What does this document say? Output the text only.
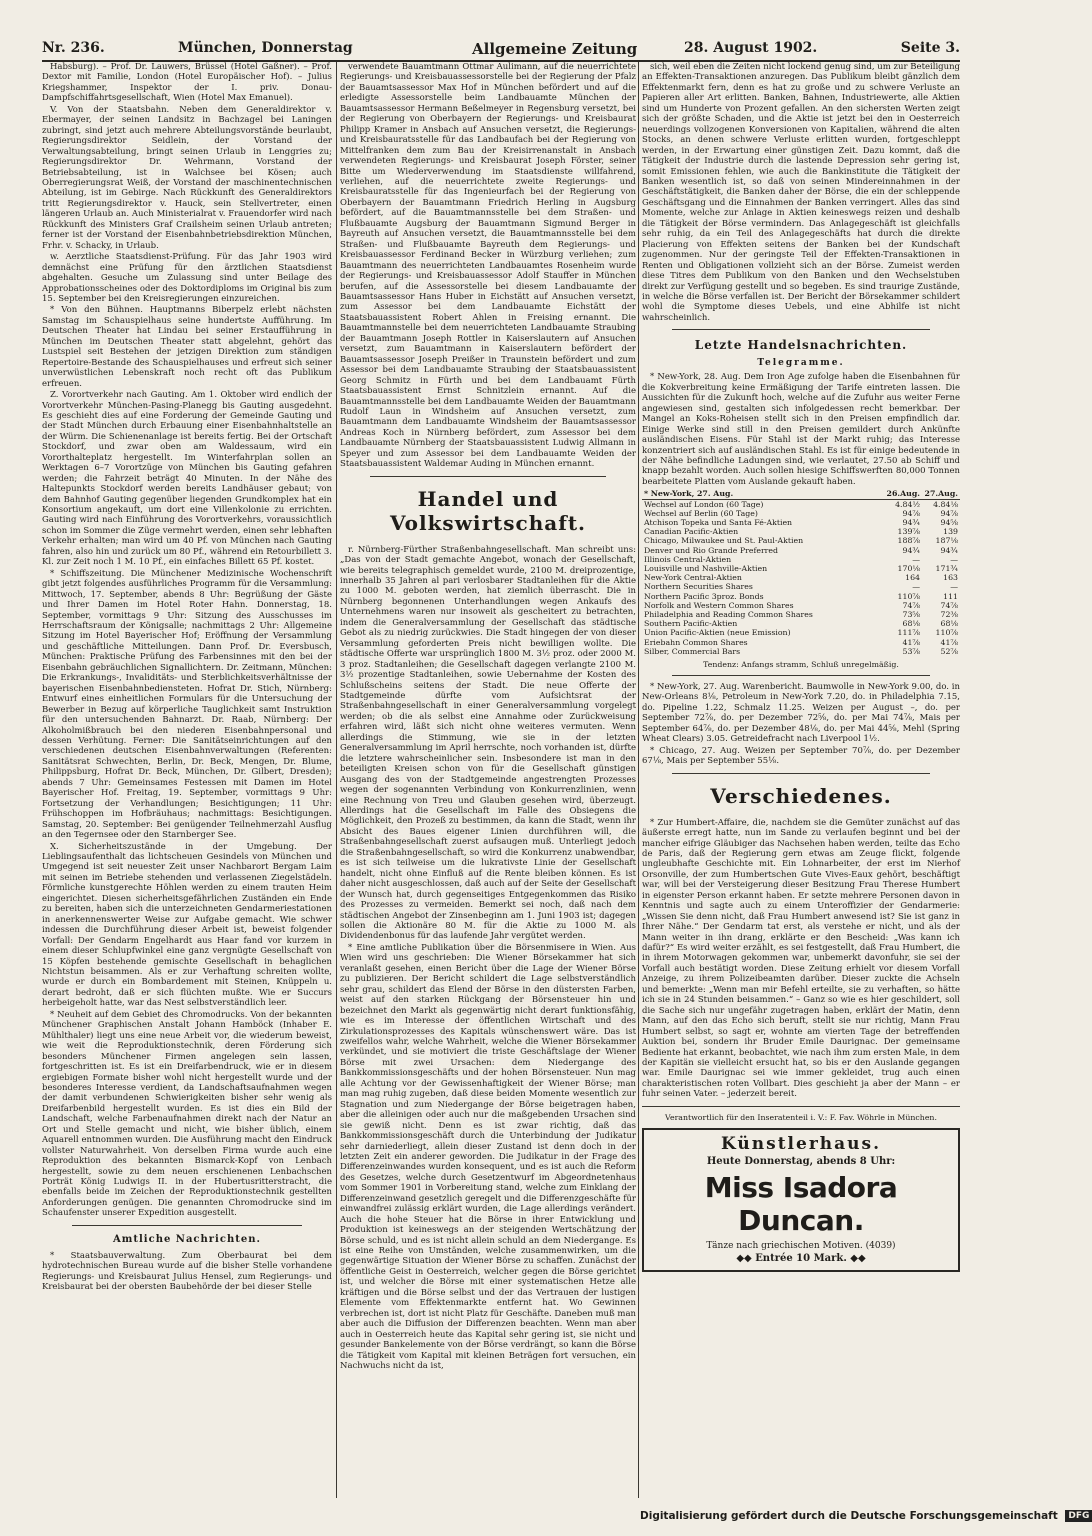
Nr. 236.	München, Donnerstag	Allgemeine Zeitung	28. August 1902.	Seite 3.

Habsburg). – Prof. Dr. Lauwers, Brüssel (Hotel Gaßner). – Prof. Dextor mit Familie, London (Hotel Europäischer Hof). – Julius Kriegshammer, Inspektor der I. priv. Donau-Dampfschiffahrtsgesellschaft, Wien (Hotel Max Emanuel).

V. Von der Staatsbahn. Neben dem Generaldirektor v. Ebermayer, der seinen Landsitz in Bachzagel bei Laningen zubringt, sind jetzt auch mehrere Abteilungsvorstände beurlaubt, Regierungsdirektor Seidlein, der Vorstand der Verwaltungsabteilung, bringt seinen Urlaub in Lenggries zu; Regierungsdirektor Dr. Wehrmann, Vorstand der Betriebsabteilung, ist in Walchsee bei Kösen; auch Oberregierungsrat Weiß, der Vorstand der maschinentechnischen Abteilung, ist im Gebirge. Nach Rückkunft des Generaldirektors tritt Regierungsdirektor v. Hauck, sein Stellvertreter, einen längeren Urlaub an. Auch Ministerialrat v. Frauendorfer wird nach Rückkunft des Ministers Graf Crailsheim seinen Urlaub antreten; ferner ist der Vorstand der Eisenbahnbetriebsdirektion München, Frhr. v. Schacky, in Urlaub.

w. Aerztliche Staatsdienst-Prüfung. Für das Jahr 1903 wird demnächst eine Prüfung für den ärztlichen Staatsdienst abgehalten. Gesuche um Zulassung sind unter Beilage des Approbationsscheines oder des Doktordiploms im Original bis zum 15. September bei den Kreisregierungen einzureichen.

* Von den Bühnen. Hauptmanns Biberpelz erlebt nächsten Samstag im Schauspielhaus seine hundertste Aufführung. Im Deutschen Theater hat Lindau bei seiner Erstaufführung in München im Deutschen Theater statt abgelehnt, gehört das Lustspiel seit Bestehen der jetzigen Direktion zum ständigen Repertoire-Bestande des Schauspielhauses und erfreut sich seiner unverwüstlichen Lebenskraft noch recht oft das Publikum erfreuen.

Z. Vorortverkehr nach Gauting. Am 1. Oktober wird endlich der Vorortverkehr München-Pasing-Planegg bis Gauting ausgedehnt. Es geschieht dies auf eine Forderung der Gemeinde Gauting und der Stadt München durch Erbauung einer Eisenbahnhaltstelle an der Würm. Die Schienenanlage ist bereits fertig. Bei der Ortschaft Stockdorf, und zwar oben am Waldessaum, wird ein Vororthalteplatz hergestellt. Im Winterfahrplan sollen an Werktagen 6–7 Vorortzüge von München bis Gauting gefahren werden; die Fahrzeit beträgt 40 Minuten. In der Nähe des Haltepunkts Stockdorf werden bereits Landhäuser gebaut; von dem Bahnhof Gauting gegenüber liegenden Grundkomplex hat ein Konsortium angekauft, um dort eine Villenkolonie zu errichten. Gauting wird nach Einführung des Vorortverkehrs, voraussichtlich schon im Sommer die Züge vermehrt werden, einen sehr lebhaften Verkehr erhalten; man wird um 40 Pf. von München nach Gauting fahren, also hin und zurück um 80 Pf., während ein Retourbillett 3. Kl. zur Zeit noch 1 M. 10 Pf., ein einfaches Billett 65 Pf. kostet.

* Schiffszeitung. Die Münchener Medizinische Wochenschrift gibt jetzt folgendes ausführliches Programm für die Versammlung: Mittwoch, 17. September, abends 8 Uhr: Begrüßung der Gäste und Ihrer Damen im Hotel Roter Hahn. Donnerstag, 18. September, vormittags 9 Uhr: Sitzung des Ausschusses im Herrschaftsraum der Königsalle; nachmittags 2 Uhr: Allgemeine Sitzung im Hotel Bayerischer Hof; Eröffnung der Versammlung und geschäftliche Mitteilungen. Dann Prof. Dr. Eversbusch, München: Praktische Prüfung des Farbensinnes mit den bei der Eisenbahn gebräuchlichen Signallichtern. Dr. Zeitmann, München: Die Erkrankungs-, Invaliditäts- und Sterblichkeitsverhältnisse der bayerischen Eisenbahnbediensteten. Hofrat Dr. Stich, Nürnberg: Entwurf eines einheitlichen Formulars für die Untersuchung der Bewerber in Bezug auf körperliche Tauglichkeit samt Instruktion für den untersuchenden Bahnarzt. Dr. Raab, Nürnberg: Der Alkoholmißbrauch bei den niederen Eisenbahnpersonal und dessen Verhütung. Ferner: Die Sanitätseinrichtungen auf den verschiedenen deutschen Eisenbahnverwaltungen (Referenten: Sanitätsrat Schwechten, Berlin, Dr. Beck, Mengen, Dr. Blume, Philippsburg, Hofrat Dr. Beck, München, Dr. Gilbert, Dresden); abends 7 Uhr: Gemeinsames Festessen mit Damen im Hotel Bayerischer Hof. Freitag, 19. September, vormittags 9 Uhr: Fortsetzung der Verhandlungen; Besichtigungen; 11 Uhr: Frühschoppen im Hofbräuhaus; nachmittags: Besichtigungen. Samstag, 20. September: Bei genügender Teilnehmerzahl Ausflug an den Tegernsee oder den Starnberger See.

X. Sicherheitszustände in der Umgebung. Der Lieblingsaufenthalt das lichtscheuen Gesindels von München und Umgegend ist seit neuester Zeit unser Nachbarort Bergam Laim mit seinen im Betriebe stehenden und verlassenen Ziegelstädeln. Förmliche kunstgerechte Höhlen werden zu einem trauten Heim eingerichtet. Diesen sicherheitsgefährlichen Zuständen ein Ende zu bereiten, haben sich die unterzeichneten Gendarmeriestationen in anerkennenswerter Weise zur Aufgabe gemacht. Wie schwer indessen die Durchführung dieser Arbeit ist, beweist folgender Vorfall: Der Gendarm Engelhardt aus Haar fand vor kurzem in einem dieser Schlupfwinkel eine ganz vergnügte Gesellschaft von 15 Köpfen bestehende gemischte Gesellschaft in behaglichen Nichtstun beisammen. Als er zur Verhaftung schreiten wollte, wurde er durch ein Bombardement mit Steinen, Knüppeln u. derart bedroht, daß er sich flüchten mußte. Wie er Succurs herbeigeholt hatte, war das Nest selbstverständlich leer.

* Neuheit auf dem Gebiet des Chromodrucks. Von der bekannten Münchener Graphischen Anstalt Johann Hamböck (Inhaber E. Mühlthaler) liegt uns eine neue Arbeit vor, die wiederum beweist, wie weit die Reproduktionstechnik, deren Förderung sich besonders Münchener Firmen angelegen sein lassen, fortgeschritten ist. Es ist ein Dreifarbendruck, wie er in diesem ergiebigen Formate bisher wohl nicht hergestellt wurde und der besonderes Interesse verdient, da Landschaftsaufnahmen wegen der damit verbundenen Schwierigkeiten bisher sehr wenig als Dreifarbenbild hergestellt wurden. Es ist dies ein Bild der Landschaft, welche Farbenaufnahmen direkt nach der Natur an Ort und Stelle gemacht und nicht, wie bisher üblich, einem Aquarell entnommen wurden. Die Ausführung macht den Eindruck vollster Naturwahrheit. Von derselben Firma wurde auch eine Reproduktion des bekannten Bismarck-Kopf von Lenbach hergestellt, sowie zu dem neuen erschienenen Lenbachschen Porträt König Ludwigs II. in der Hubertusritterstracht, die ebenfalls beide im Zeichen der Reproduktionstechnik gestellten Anforderungen genügen. Die genannten Chromodrucke sind im Schaufenster unserer Expedition ausgestellt.

Amtliche Nachrichten.

* Staatsbauverwaltung. Zum Oberbaurat bei dem hydrotechnischen Bureau wurde auf die bisher Stelle vorhandene Regierungs- und Kreisbaurat Julius Hensel, zum Regierungs- und Kreisbaurat bei der obersten Baubehörde der bei dieser Stelle

verwendete Bauamtmann Ottmar Aulimann, auf die neuerrichtete Regierungs- und Kreisbauassessorstelle bei der Regierung der Pfalz der Bauamtsassessor Max Hof in München befördert und auf die erledigte Assessorstelle beim Landbauamte München der Bauamtsassessor Hermann Beßelmeyer in Regensburg versetzt, bei der Regierung von Oberbayern der Regierungs- und Kreisbaurat Philipp Kramer in Ansbach auf Ansuchen versetzt, die Regierungs- und Kreisbauratsstelle für das Landbaufach bei der Regierung von Mittelfranken dem zum Bau der Kreisirrenanstalt in Ansbach verwendeten Regierungs- und Kreisbaurat Joseph Förster, seiner Bitte um Wiederverwendung im Staatsdienste willfahrend, verliehen, auf die neuerrichtete zweite Regierungs- und Kreisbauratsstelle für das Ingenieurfach bei der Regierung von Oberbayern der Bauamtmann Friedrich Herling in Augsburg befördert, auf die Bauamtmannsstelle bei dem Straßen- und Flußbauamte Augsburg der Bauamtmann Sigmund Berger in Bayreuth auf Ansuchen versetzt, die Bauamtmannsstelle bei dem Straßen- und Flußbauamte Bayreuth dem Regierungs- und Kreisbauassessor Ferdinand Becker in Würzburg verliehen; zum Bauamtmann des neuerrichteten Landbauamtes Rosenheim wurde der Regierungs- und Kreisbauassessor Adolf Stauffer in München berufen, auf die Assessorstelle bei diesem Landbauamte der Bauamtsassessor Hans Huber in Eichstätt auf Ansuchen versetzt, zum Assessor bei dem Landbauamte Eichstätt der Staatsbauassistent Robert Ahlen in Freising ernannt. Die Bauamtmannstelle bei dem neuerrichteten Landbauamte Straubing der Bauamtmann Joseph Rottler in Kaiserslautern auf Ansuchen versetzt, zum Bauamtmann in Kaiserslautern befördert der Bauamtsassessor Joseph Preißer in Traunstein befördert und zum Assessor bei dem Landbauamte Straubing der Staatsbauassistent Georg Schmitz in Fürth und bei dem Landbauamt Fürth Staatsbauassistent Ernst Schnitzlein ernannt. Auf die Bauamtmannsstelle bei dem Landbauamte Weiden der Bauamtmann Rudolf Laun in Windsheim auf Ansuchen versetzt, zum Bauamtmann dem Landbauamte Windsheim der Bauamtsassessor Andreas Koch in Nürnberg befördert, zum Assessor bei dem Landbauamte Nürnberg der Staatsbauassistent Ludwig Allmann in Speyer und zum Assessor bei dem Landbauamte Weiden der Staatsbauassistent Waldemar Auding in München ernannt.

Handel und Volkswirtschaft.

r. Nürnberg-Fürther Straßenbahngesellschaft. Man schreibt uns: „Das von der Stadt gemachte Angebot, wonach der Gesellschaft, wie bereits telegraphisch gemeldet wurde, 2100 M. dreiprozentige, innerhalb 35 Jahren al pari verlosbarer Stadtanleihen für die Aktie zu 1000 M. geboten werden, hat ziemlich überrascht. Die in Nürnberg begonnenen Unterhandlungen wegen Ankaufs des Unternehmens waren nur insoweit als gescheitert zu betrachten, indem die Generalversammlung der Gesellschaft das städtische Gebot als zu niedrig zurückwies. Die Stadt hingegen der von dieser Versammlung geforderten Preis nicht bewilligen wollte. Die städtische Offerte war ursprünglich 1800 M. 3½ proz. oder 2000 M. 3 proz. Stadtanleihen; die Gesellschaft dagegen verlangte 2100 M. 3½ prozentige Stadtanleihen, sowie Uebernahme der Kosten des Schlußscheins seitens der Stadt. Die neue Offerte der Stadtgemeinde dürfte vom Aufsichtsrat der Straßenbahngesellschaft in einer Generalversammlung vorgelegt werden; ob die als selbst eine Annahme oder Zurückweisung erfahren wird, läßt sich nicht ohne weiteres vermuten. Wenn allerdings die Stimmung, wie sie in der letzten Generalversammlung im April herrschte, noch vorhanden ist, dürfte die letztere wahrscheinlicher sein. Insbesondere ist man in den beteiligten Kreisen schon von für die Gesellschaft günstigen Ausgang des von der Stadtgemeinde angestrengten Prozesses wegen der sogenannten Verbindung von Konkurrenzlinien, wenn eine Rechnung von Treu und Glauben gesehen wird, überzeugt. Allerdings hat die Gesellschaft im Falle des Obsiegens die Möglichkeit, den Prozeß zu bestimmen, da kann die Stadt, wenn ihr Absicht des Baues eigener Linien durchführen will, die Straßenbahngesellschaft zuerst aufsaugen muß. Unterliegt jedoch die Straßenbahngesellschaft, so wird die Konkurrenz unabwendbar, es ist sich teilweise um die lukrativste Linie der Gesellschaft handelt, nicht ohne Einfluß auf die Rente bleiben können. Es ist daher nicht ausgeschlossen, daß auch auf der Seite der Gesellschaft der Wunsch hat, durch gegenseitiges Entgegenkommen das Risiko des Prozesses zu vermeiden. Bemerkt sei noch, daß nach dem städtischen Angebot der Zinsenbeginn am 1. Juni 1903 ist; dagegen sollen die Aktionäre 80 M. für die Aktie zu 1000 M. als Dividendenbonus für das laufende Jahr vergütet werden.

* Eine amtliche Publikation über die Börsenmisere in Wien. Aus Wien wird uns geschrieben: Die Wiener Börsekammer hat sich veranlaßt gesehen, einen Bericht über die Lage der Wiener Börse zu publizieren. Der Bericht schildert die Lage selbstverständlich sehr grau, schildert das Elend der Börse in den düstersten Farben, weist auf den starken Rückgang der Börsensteuer hin und bezeichnet den Markt als gegenwärtig nicht derart funktionsfähig, wie es im Interesse der öffentlichen Wirtschaft und des Zirkulationsprozesses des Kapitals wünschenswert wäre. Das ist zweifellos wahr, welche Wahrheit, welche die Wiener Börsekammer verkündet, und sie motiviert die triste Geschäftslage der Wiener Börse mit zwei Ursachen: dem Niedergange des Bankkommissionsgeschäfts und der hohen Börsensteuer. Nun mag alle Achtung vor der Gewissenhaftigkeit der Wiener Börse; man man mag ruhig zugeben, daß diese beiden Momente wesentlich zur Stagnation und zum Niedergange der Börse beigetragen haben, aber die alleinigen oder auch nur die maßgebenden Ursachen sind sie gewiß nicht. Denn es ist zwar richtig, daß das Bankkommissionsgeschäft durch die Unterbindung der Judikatur sehr darniederliegt, allein dieser Zustand ist denn doch in der letzten Zeit ein anderer geworden. Die Judikatur in der Frage des Differenzeinwandes wurden konsequent, und es ist auch die Reform des Gesetzes, welche durch Gesetzentwurf im Abgeordnetenhaus vom Sommer 1901 in Vorbereitung stand, welche zum Einklang der Differenzeinwand gesetzlich geregelt und die Differenzgeschäfte für einwandfrei zulässig erklärt wurden, die Lage allerdings verändert. Auch die hohe Steuer hat die Börse in ihrer Entwicklung und Produktion ist keineswegs an der steigenden Wertschätzung der Börse schuld, und es ist nicht allein schuld an dem Niedergange. Es ist eine Reihe von Umständen, welche zusammenwirken, um die gegenwärtige Situation der Wiener Börse zu schaffen. Zunächst der öffentliche Geist in Oesterreich, welcher gegen die Börse gerichtet ist, und welcher die Börse mit einer systematischen Hetze alle kräftigen und die Börse selbst und der das Vertrauen der lustigen Elemente vom Effektenmarkte entfernt hat. Wo Gewinnen verbrechen ist, dort ist nicht Platz für Geschäfte. Daneben muß man aber auch die Diffusion der Differenzen beachten. Wenn man aber auch in Oesterreich heute das Kapital sehr gering ist, sie nicht und gesunder Bankelemente von der Börse verdrängt, so kann die Börse die Tätigkeit vom Kapital mit kleinen Beträgen fort versuchen, ein Nachwuchs nicht da ist,

sich, weil eben die Zeiten nicht lockend genug sind, um zur Beteiligung an Effekten-Transaktionen anzuregen. Das Publikum bleibt gänzlich dem Effektenmarkt fern, denn es hat zu große und zu schwere Verluste an Papieren aller Art erlitten. Banken, Bahnen, Industriewerte, alle Aktien sind um Hunderte von Prozent gefallen. An den sichersten Werten zeigt sich der größte Schaden, und die Aktie ist jetzt bei den in Oesterreich neuerdings vollzogenen Konversionen von Kapitalien, während die alten Stocks, an denen schwere Verluste erlitten wurden, fortgeschleppt werden, in der Erwartung einer günstigen Zeit. Dazu kommt, daß die Tätigkeit der Industrie durch die lastende Depression sehr gering ist, somit Emissionen fehlen, wie auch die Bankinstitute die Tätigkeit der Banken wesentlich ist, so daß von seinen Mindereinnahmen in der Geschäftstätigkeit, die Banken daher der Börse, die ein der schleppende Geschäftsgang und die Einnahmen der Banken verringert. Alles das sind Momente, welche zur Anlage in Aktien keineswegs reizen und deshalb die Tätigkeit der Börse vermindern. Das Anlagegeschäft ist gleichfalls sehr ruhig, da ein Teil des Anlagegeschäfts hat durch die direkte Placierung von Effekten seitens der Banken bei der Kundschaft zugenommen. Nur der geringste Teil der Effekten-Transaktionen in Renten und Obligationen vollzieht sich an der Börse. Zumeist werden diese Titres dem Publikum von den Banken und den Wechselstuben direkt zur Verfügung gestellt und so begeben. Es sind traurige Zustände, in welche die Börse verfallen ist. Der Bericht der Börsekammer schildert wohl die Symptome dieses Uebels, und eine Abhilfe ist nicht wahrscheinlich.

Letzte Handelsnachrichten.
Telegramme.

* New-York, 28. Aug. Dem Iron Age zufolge haben die Eisenbahnen für die Kokverbreitung keine Ermäßigung der Tarife eintreten lassen. Die Aussichten für die Zukunft hoch, welche auf die Zufuhr aus weiter Ferne angewiesen sind, gestalten sich infolgedessen recht bemerkbar. Der Mangel an Koks-Roheisen stellt sich in den Preisen empfindlich dar. Einige Werke sind still in den Preisen gemildert durch Ankünfte ausländischen Eisens. Für Stahl ist der Markt ruhig; das Interesse konzentriert sich auf ausländischen Stahl. Es ist für einige bedeutende in der Nähe befindliche Ladungen sind, wie verlautet, 27.50 ab Schiff und knapp bezahlt worden. Auch sollen hiesige Schiffswerften 80,000 Tonnen bearbeitete Platten vom Auslande gekauft haben.

* New-York, 27. Aug.	26.Aug.	27.Aug.
Wechsel auf London (60 Tage)	4.84½	4.84⅛
Wechsel auf Berlin (60 Tage)	94⅞	94⅞
Atchison Topeka und Santa Fé-Aktien	94¾	94⅝
Canadian Pacific-Aktien	139⅞	139
Chicago, Milwaukee und St. Paul-Aktien	188⅞	187⅛
Denver und Rio Grande Preferred	94¾	94¾
Illinois Central-Aktien	—	—
Louisville und Nashville-Aktien	170⅛	171¾
New-York Central-Aktien	164	163
Northern Securities Shares	—	—
Northern Pacific 3proz. Bonds	110⅞	111
Norfolk and Western Common Shares	74⅞	74⅞
Philadelphia and Reading Common Shares	73⅝	72⅜
Southern Pacific-Aktien	68⅛	68⅛
Union Pacific-Aktien (neue Emission)	111⅞	110⅞
Eriebahn Common Shares	41⅞	41⅞
Silber, Commercial Bars	53⅞	52⅞
Tendenz: Anfangs stramm, Schluß unregelmäßig.

* New-York, 27. Aug. Warenbericht. Baumwolle in New-York 9.00, do. in New-Orleans 8⅛, Petroleum in New-York 7.20, do. in Philadelphia 7.15, do. Pipeline 1.22, Schmalz 11.25. Weizen per August –, do. per September 72⅞, do. per Dezember 72⅝, do. per Mai 74⅞, Mais per September 64⅞, do. per Dezember 48⅛, do. per Mai 44⅝, Mehl (Spring Wheat Clears) 3.05. Getreidefracht nach Liverpool 1½.

* Chicago, 27. Aug. Weizen per September 70⅞, do. per Dezember 67⅛, Mais per September 55⅛.

Verschiedenes.

* Zur Humbert-Affaire, die, nachdem sie die Gemüter zunächst auf das äußerste erregt hatte, nun im Sande zu verlaufen beginnt und bei der mancher eifrige Gläubiger das Nachsehen haben werden, teilte das Echo de Paris, daß der Regierung gern etwas am Zeuge flickt, folgende ungleubhafte Geschichte mit. Ein Lohnarbeiter, der erst im Nierhof Orsonville, der zum Humbertschen Gute Vives-Eaux gehört, beschäftigt war, will bei der Versteigerung dieser Besitzung Frau Therese Humbert in eigenster Person erkannt haben. Er setzte mehrere Personen davon in Kenntnis und sagte auch zu einem Unteroffizier der Gendarmerie: „Wissen Sie denn nicht, daß Frau Humbert anwesend ist? Sie ist ganz in Ihrer Nähe.“ Der Gendarm tat erst, als verstehe er nicht, und als der Mann weiter in ihn drang, erklärte er den Bescheid: „Was kann ich dafür?“ Es wird weiter erzählt, es sei festgestellt, daß Frau Humbert, die in ihrem Motorwagen gekommen war, unbemerkt davonfuhr, sie sei der Vorfall auch bestätigt worden. Diese Zeitung erhielt vor diesem Vorfall Anzeige, zu ihrem Polizeibeamten darüber. Dieser zuckte die Achseln und bemerkte: „Wenn man mir Befehl erteilte, sie zu verhaften, so hätte ich sie in 24 Stunden beisammen.“ – Ganz so wie es hier geschildert, soll die Sache sich nur ungefähr zugetragen haben, erklärt der Matin, denn Mann, auf den das Echo sich beruft, stellt sie nur richtig, Mann Frau Humbert selbst, so sagt er, wohnte am vierten Tage der betreffenden Auktion bei, sondern ihr Bruder Emile Daurignac. Der gemeinsame Bediente hat erkannt, beobachtet, wie nach ihm zum ersten Male, in dem der Kapitän sie vielleicht ersucht hat, so bis er den Auslande gegangen war. Emile Daurignac sei wie immer gekleidet, trug auch einen charakteristischen roten Vollbart. Dies geschieht ja aber der Mann – er fuhr seinen Vater. – jederzeit bereit.

Verantwortlich für den Inseratenteil i. V.: F. Fav. Wöhrle in München.
Künstlerhaus.
Heute Donnerstag, abends 8 Uhr:
Miss Isadora Duncan.
Tänze nach griechischen Motiven. (4039)
◆◆ Entrée 10 Mark. ◆◆
Digitalisierung gefördert durch die Deutsche Forschungsgemeinschaft DFG
